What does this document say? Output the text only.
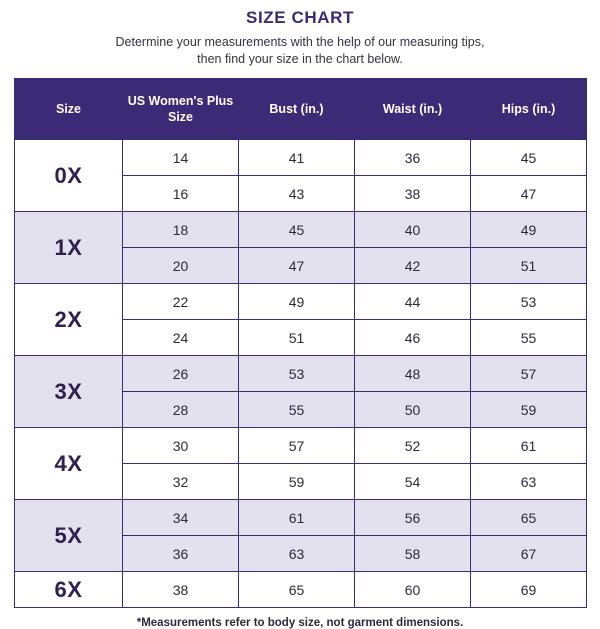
SIZE CHART
Determine your measurements with the help of our measuring tips,
then find your size in the chart below.
Size	US Women's Plus Size	Bust (in.)	Waist (in.)	Hips (in.)
0X	14	41	36	45
	16	43	38	47
1X	18	45	40	49
	20	47	42	51
2X	22	49	44	53
	24	51	46	55
3X	26	53	48	57
	28	55	50	59
4X	30	57	52	61
	32	59	54	63
5X	34	61	56	65
	36	63	58	67
6X	38	65	60	69
*Measurements refer to body size, not garment dimensions.
